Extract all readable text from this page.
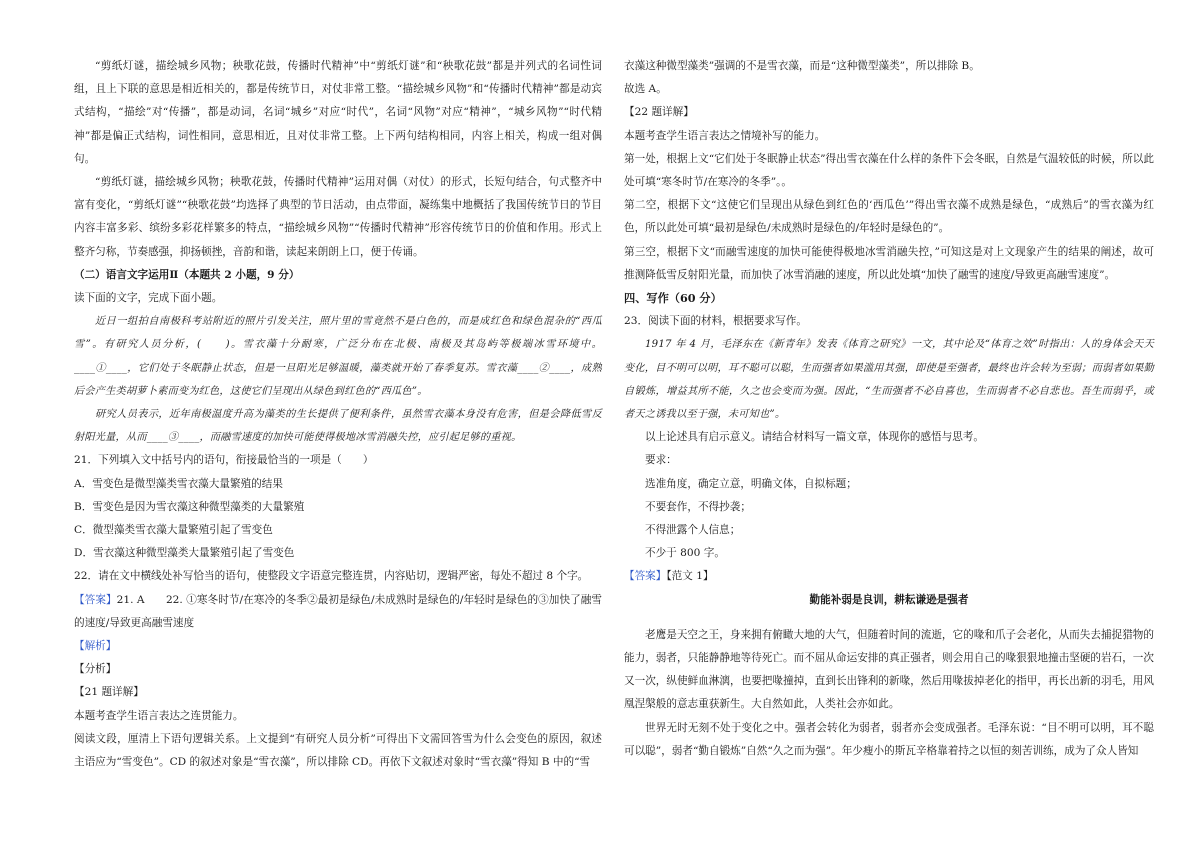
“剪纸灯谜，描绘城乡风物；秧歌花鼓，传播时代精神”中“剪纸灯谜”和“秧歌花鼓”都是并列式的名词性词组，且上下联的意思是相近相关的，都是传统节日，对仗非常工整。“描绘城乡风物”和“传播时代精神”都是动宾式结构，“描绘”对“传播”，都是动词，名词“城乡”对应“时代”，名词“风物”对应“精神”，“城乡风物”“时代精神”都是偏正式结构，词性相同，意思相近，且对仗非常工整。上下两句结构相同，内容上相关，构成一组对偶句。

“剪纸灯谜，描绘城乡风物；秧歌花鼓，传播时代精神”运用对偶（对仗）的形式，长短句结合，句式整齐中富有变化，“剪纸灯谜”“秧歌花鼓”均选择了典型的节日活动，由点带面，凝练集中地概括了我国传统节日的节目内容丰富多彩、缤纷多彩花样繁多的特点，“描绘城乡风物”“传播时代精神”形容传统节日的价值和作用。形式上整齐匀称，节奏感强，抑扬顿挫，音韵和谐，读起来朗朗上口，便于传诵。

（二）语言文字运用Ⅱ（本题共 2 小题，9 分）

读下面的文字，完成下面小题。

近日一组拍自南极科考站附近的照片引发关注，照片里的雪竟然不是白色的，而是成红色和绿色混杂的“西瓜雪”。有研究人员分析，(　　)。雪衣藻十分耐寒，广泛分布在北极、南极及其岛屿等极端冰雪环境中。____①____，它们处于冬眠静止状态，但是一旦阳光足够温暖，藻类就开始了春季复苏。雪衣藻____②____，成熟后会产生类胡萝卜素而变为红色，这使它们呈现出从绿色到红色的“西瓜色”。

研究人员表示，近年南极温度升高为藻类的生长提供了便利条件，虽然雪衣藻本身没有危害，但是会降低雪反射阳光量，从而____③____，而融雪速度的加快可能使得极地冰雪消融失控，应引起足够的重视。

21．下列填入文中括号内的语句，衔接最恰当的一项是（　　）

A．雪变色是微型藻类雪衣藻大量繁殖的结果

B．雪变色是因为雪衣藻这种微型藻类的大量繁殖

C．微型藻类雪衣藻大量繁殖引起了雪变色

D．雪衣藻这种微型藻类大量繁殖引起了雪变色

22．请在文中横线处补写恰当的语句，使整段文字语意完整连贯，内容贴切，逻辑严密，每处不超过 8 个字。

【答案】21. A　　22. ①寒冬时节/在寒冷的冬季②最初是绿色/未成熟时是绿色的/年轻时是绿色的③加快了融雪的速度/导致更高融雪速度

【解析】

【分析】

【21 题详解】

本题考查学生语言表达之连贯能力。

阅读文段，厘清上下语句逻辑关系。上文提到“有研究人员分析”可得出下文需回答雪为什么会变色的原因，叙述主语应为“雪变色”。CD 的叙述对象是“雪衣藻”，所以排除 CD。再依下文叙述对象时“雪衣藻”得知 B 中的“雪

衣藻这种微型藻类”强调的不是雪衣藻，而是“这种微型藻类”，所以排除 B。

故选 A。

【22 题详解】

本题考查学生语言表达之情境补写的能力。

第一处，根据上文“它们处于冬眠静止状态”得出雪衣藻在什么样的条件下会冬眠，自然是气温较低的时候，所以此处可填“寒冬时节/在寒冷的冬季”。。

第二空，根据下文“这使它们呈现出从绿色到红色的‘西瓜色’”得出雪衣藻不成熟是绿色，“成熟后”的雪衣藻为红色，所以此处可填“最初是绿色/未成熟时是绿色的/年轻时是绿色的”。

第三空，根据下文“而融雪速度的加快可能使得极地冰雪消融失控，”可知这是对上文现象产生的结果的阐述，故可推测降低雪反射阳光量，而加快了冰雪消融的速度，所以此处填“加快了融雪的速度/导致更高融雪速度”。

四、写作（60 分）

23．阅读下面的材料，根据要求写作。

1917 年 4 月，毛泽东在《新青年》发表《体育之研究》一文，其中论及“体育之效”时指出：人的身体会天天变化，目不明可以明，耳不聪可以聪，生而强者如果滥用其强，即使是至强者，最终也许会转为至弱；而弱者如果勤自锻炼，增益其所不能，久之也会变而为强。因此，“生而强者不必自喜也，生而弱者不必自悲也。吾生而弱乎，或者天之诱我以至于强，未可知也”。

以上论述具有启示意义。请结合材料写一篇文章，体现你的感悟与思考。

要求：

选准角度，确定立意，明确文体，自拟标题；

不要套作，不得抄袭；

不得泄露个人信息；

不少于 800 字。

【答案】【范文 1】

勤能补弱是良训，耕耘谦逊是强者

老鹰是天空之王，身来拥有俯瞰大地的大气，但随着时间的流逝，它的喙和爪子会老化，从而失去捕捉猎物的能力，弱者，只能静静地等待死亡。而不屈从命运安排的真正强者，则会用自己的喙狠狠地撞击坚硬的岩石，一次又一次，纵使鲜血淋漓，也要把喙撞掉，直到长出锋利的新喙，然后用喙拔掉老化的指甲，再长出新的羽毛，用风凰涅槃般的意志重获新生。大自然如此，人类社会亦如此。

世界无时无刻不处于变化之中。强者会转化为弱者，弱者亦会变成强者。毛泽东说：“目不明可以明，耳不聪可以聪”，弱者“勤自锻炼”自然“久之而为强”。年少瘦小的斯瓦辛格靠着持之以恒的刻苦训练，成为了众人皆知
